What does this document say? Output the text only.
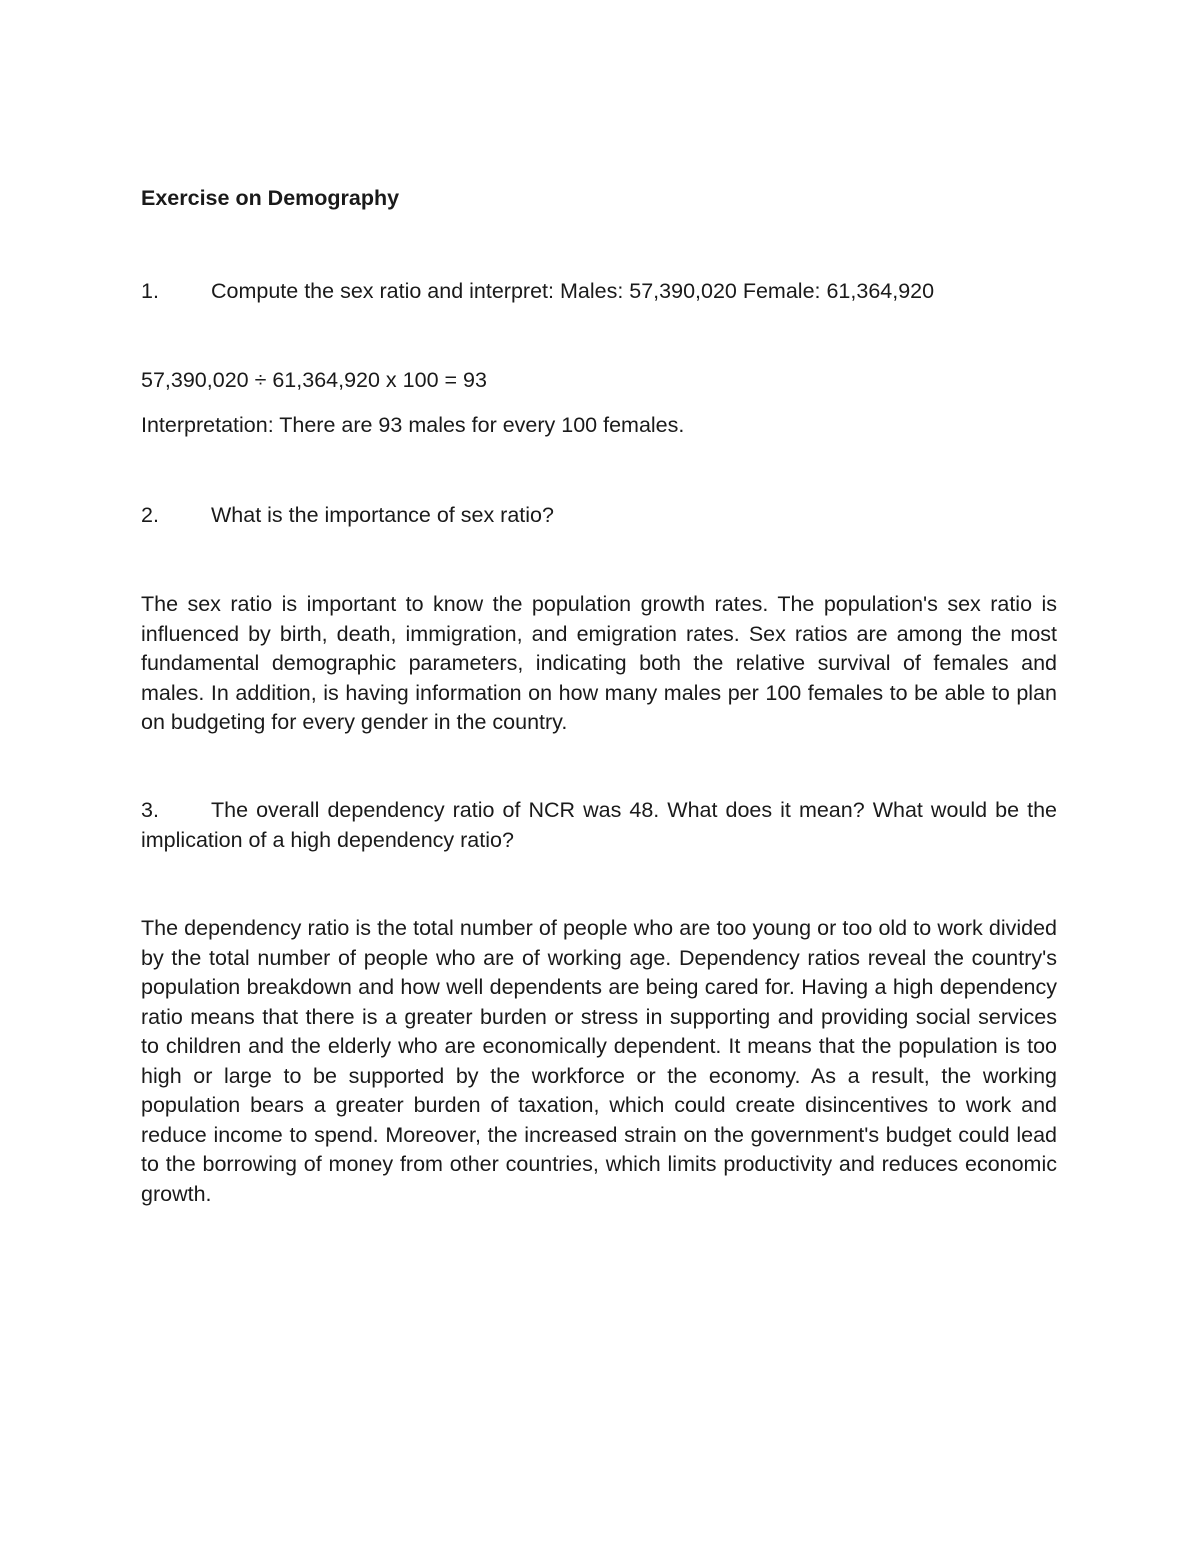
Exercise on Demography

1. Compute the sex ratio and interpret: Males: 57,390,020 Female: 61,364,920

57,390,020 ÷ 61,364,920 x 100 = 93

Interpretation: There are 93 males for every 100 females.

2. What is the importance of sex ratio?

The sex ratio is important to know the population growth rates. The population's sex ratio is influenced by birth, death, immigration, and emigration rates. Sex ratios are among the most fundamental demographic parameters, indicating both the relative survival of females and males. In addition, is having information on how many males per 100 females to be able to plan on budgeting for every gender in the country.

3. The overall dependency ratio of NCR was 48. What does it mean? What would be the implication of a high dependency ratio?

The dependency ratio is the total number of people who are too young or too old to work divided by the total number of people who are of working age. Dependency ratios reveal the country's population breakdown and how well dependents are being cared for. Having a high dependency ratio means that there is a greater burden or stress in supporting and providing social services to children and the elderly who are economically dependent. It means that the population is too high or large to be supported by the workforce or the economy. As a result, the working population bears a greater burden of taxation, which could create disincentives to work and reduce income to spend. Moreover, the increased strain on the government's budget could lead to the borrowing of money from other countries, which limits productivity and reduces economic growth.
